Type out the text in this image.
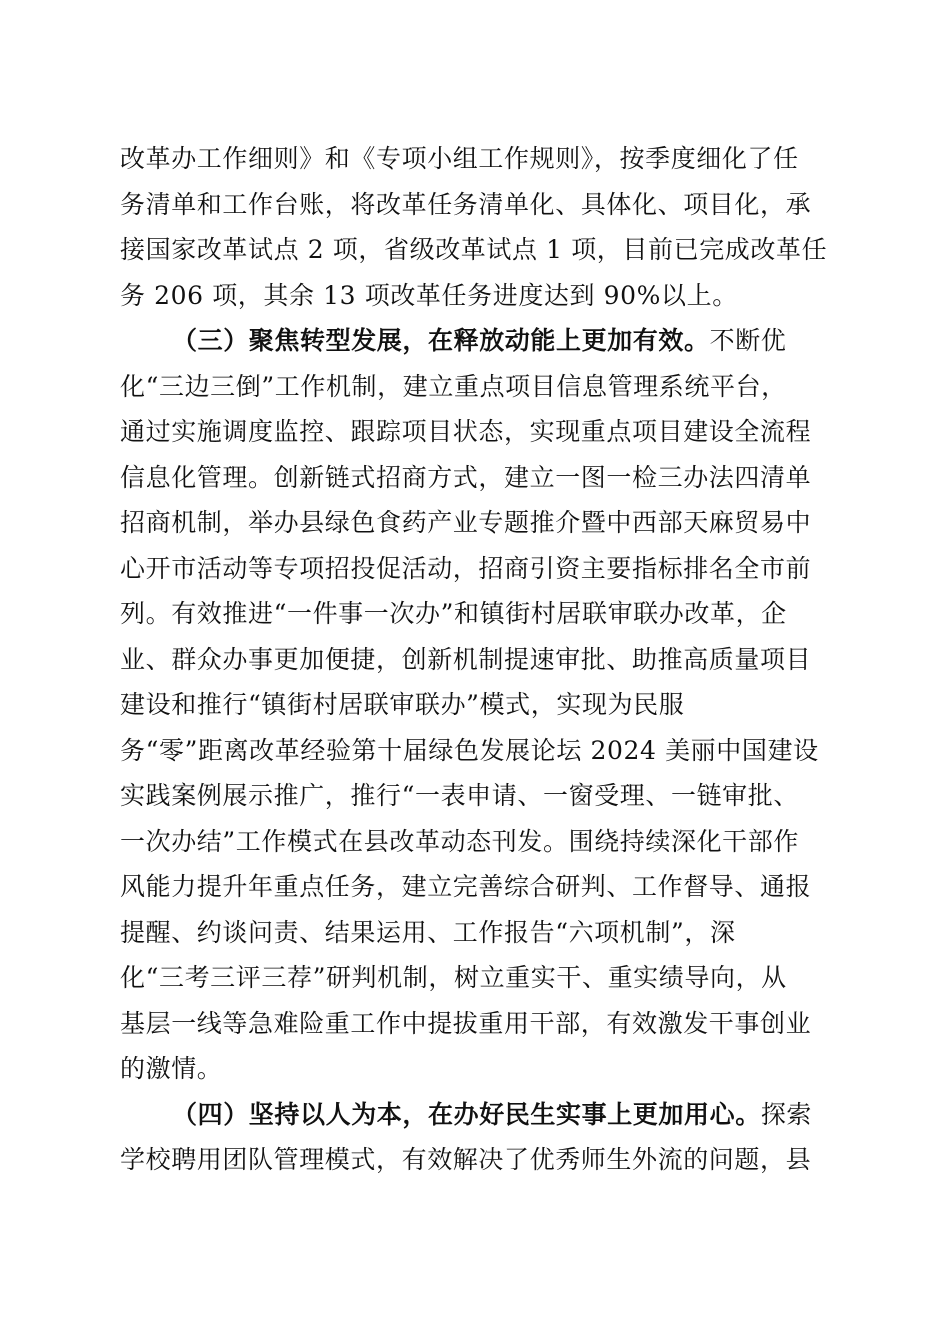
改革办工作细则》和《专项小组工作规则》，按季度细化了任
务清单和工作台账，将改革任务清单化、具体化、项目化，承
接国家改革试点 2 项，省级改革试点 1 项，目前已完成改革任
务 206 项，其余 13 项改革任务进度达到 90%以上。
（三）聚焦转型发展，在释放动能上更加有效。不断优
化“三边三倒”工作机制，建立重点项目信息管理系统平台，
通过实施调度监控、跟踪项目状态，实现重点项目建设全流程
信息化管理。创新链式招商方式，建立一图一检三办法四清单
招商机制，举办县绿色食药产业专题推介暨中西部天麻贸易中
心开市活动等专项招投促活动，招商引资主要指标排名全市前
列。有效推进“一件事一次办”和镇街村居联审联办改革，企
业、群众办事更加便捷，创新机制提速审批、助推高质量项目
建设和推行“镇街村居联审联办”模式，实现为民服
务“零”距离改革经验第十届绿色发展论坛 2024 美丽中国建设
实践案例展示推广，推行“一表申请、一窗受理、一链审批、
一次办结”工作模式在县改革动态刊发。围绕持续深化干部作
风能力提升年重点任务，建立完善综合研判、工作督导、通报
提醒、约谈问责、结果运用、工作报告“六项机制”，深
化“三考三评三荐”研判机制，树立重实干、重实绩导向，从
基层一线等急难险重工作中提拔重用干部，有效激发干事创业
的激情。
（四）坚持以人为本，在办好民生实事上更加用心。探索
学校聘用团队管理模式，有效解决了优秀师生外流的问题，县
